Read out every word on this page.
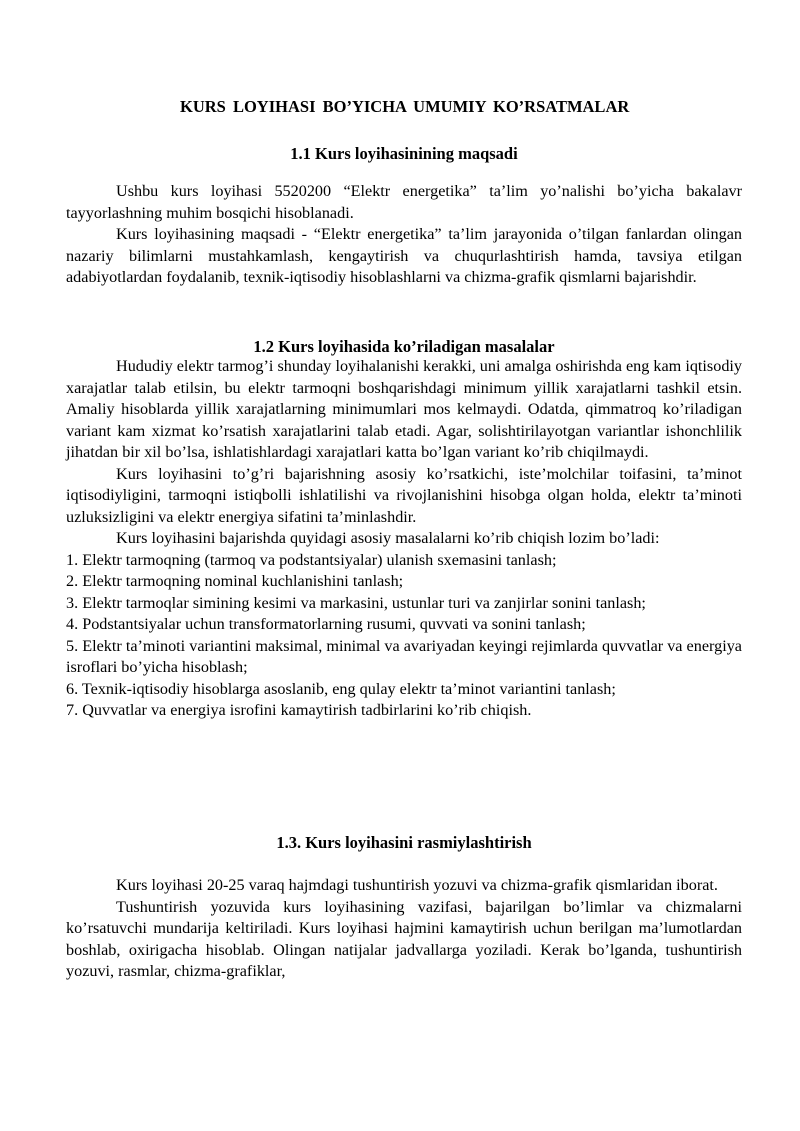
KURS LOYIHASI BO’YICHA UMUMIY KO’RSATMALAR
1.1 Kurs loyihasinining maqsadi

Ushbu kurs loyihasi 5520200 “Elektr energetika” ta’lim yo’nalishi bo’yicha bakalavr tayyorlashning muhim bosqichi hisoblanadi.

Kurs loyihasining maqsadi - “Elektr energetika” ta’lim jarayonida o’tilgan fanlardan olingan nazariy bilimlarni mustahkamlash, kengaytirish va chuqurlashtirish hamda, tavsiya etilgan adabiyotlardan foydalanib, texnik-iqtisodiy hisoblashlarni va chizma-grafik qismlarni bajarishdir.

1.2 Kurs loyihasida ko’riladigan masalalar

Hududiy elektr tarmog’i shunday loyihalanishi kerakki, uni amalga oshirishda eng kam iqtisodiy xarajatlar talab etilsin, bu elektr tarmoqni boshqarishdagi minimum yillik xarajatlarni tashkil etsin. Amaliy hisoblarda yillik xarajatlarning minimumlari mos kelmaydi. Odatda, qimmatroq ko’riladigan variant kam xizmat ko’rsatish xarajatlarini talab etadi. Agar, solishtirilayotgan variantlar ishonchlilik jihatdan bir xil bo’lsa, ishlatishlardagi xarajatlari katta bo’lgan variant ko’rib chiqilmaydi.

Kurs loyihasini to’g’ri bajarishning asosiy ko’rsatkichi, iste’molchilar toifasini, ta’minot iqtisodiyligini, tarmoqni istiqbolli ishlatilishi va rivojlanishini hisobga olgan holda, elektr ta’minoti uzluksizligini va elektr energiya sifatini ta’minlashdir.

Kurs loyihasini bajarishda quyidagi asosiy masalalarni ko’rib chiqish lozim bo’ladi:

1. Elektr tarmoqning (tarmoq va podstantsiyalar) ulanish sxemasini tanlash;

2. Elektr tarmoqning nominal kuchlanishini tanlash;

3. Elektr tarmoqlar simining kesimi va markasini, ustunlar turi va zanjirlar sonini tanlash;

4. Podstantsiyalar uchun transformatorlarning rusumi, quvvati va sonini tanlash;

5. Elektr ta’minoti variantini maksimal, minimal va avariyadan keyingi rejimlarda quvvatlar va energiya isroflari bo’yicha hisoblash;

6. Texnik-iqtisodiy hisoblarga asoslanib, eng qulay elektr ta’minot variantini tanlash;

7. Quvvatlar va energiya isrofini kamaytirish tadbirlarini ko’rib chiqish.

1.3. Kurs loyihasini rasmiylashtirish

Kurs loyihasi 20-25 varaq hajmdagi tushuntirish yozuvi va chizma-grafik qismlaridan iborat.

Tushuntirish yozuvida kurs loyihasining vazifasi, bajarilgan bo’limlar va chizmalarni ko’rsatuvchi mundarija keltiriladi. Kurs loyihasi hajmini kamaytirish uchun berilgan ma’lumotlardan boshlab, oxirigacha hisoblab. Olingan natijalar jadvallarga yoziladi. Kerak bo’lganda, tushuntirish yozuvi, rasmlar, chizma-grafiklar,
